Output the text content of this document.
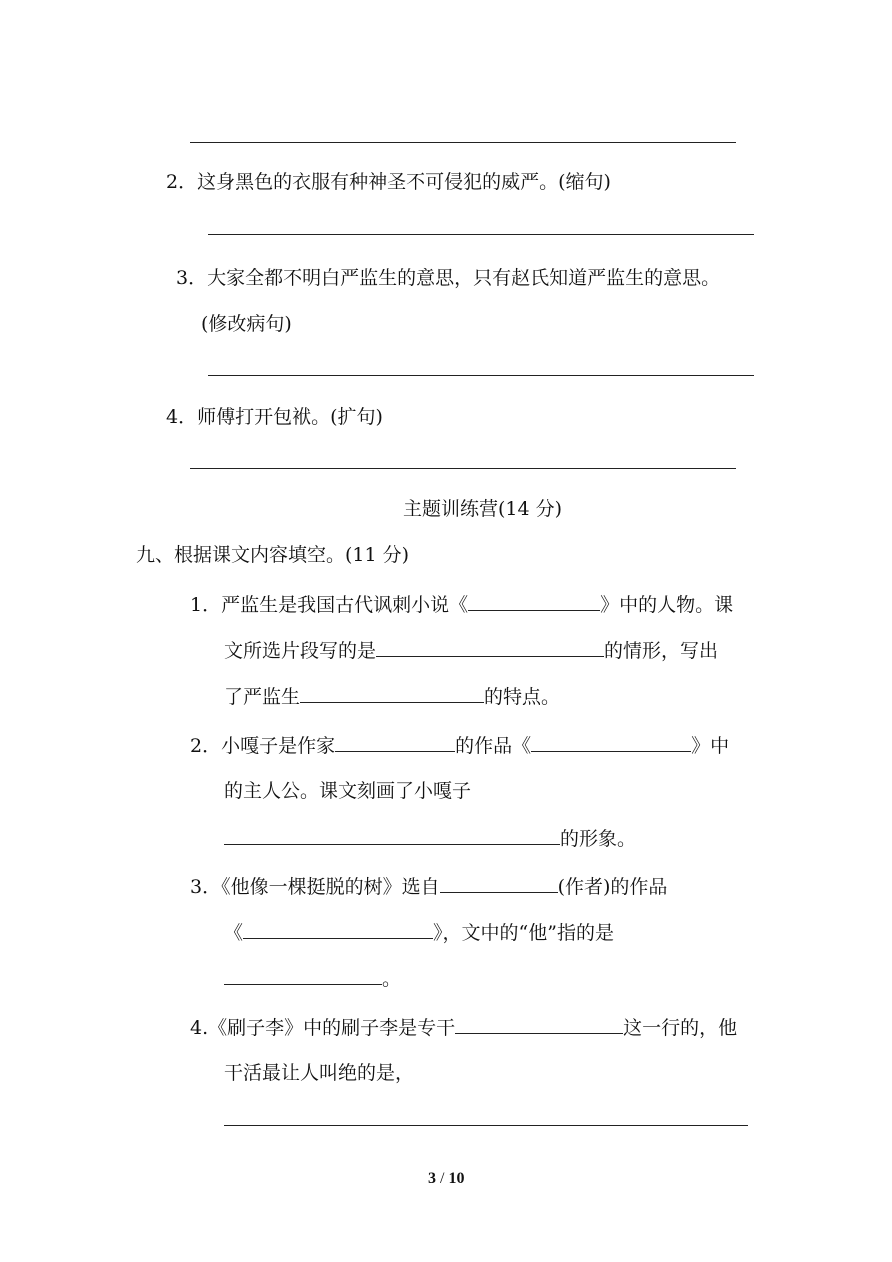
2．这身黑色的衣服有种神圣不可侵犯的威严。(缩句)
3．大家全都不明白严监生的意思，只有赵氏知道严监生的意思。
(修改病句)
4．师傅打开包袱。(扩句)
主题训练营(14 分)
九、根据课文内容填空。(11 分)
1．严监生是我国古代讽刺小说《	》中的人物。课
文所选片段写的是	的情形，写出
了严监生	的特点。
2．小嘎子是作家	的作品《	》中
的主人公。课文刻画了小嘎子
的形象。
3．《他像一棵挺脱的树》选自	(作者)的作品
《	》，文中的“他”指的是
。
4.《刷子李》中的刷子李是专干	这一行的，他
干活最让人叫绝的是，
3 / 10
